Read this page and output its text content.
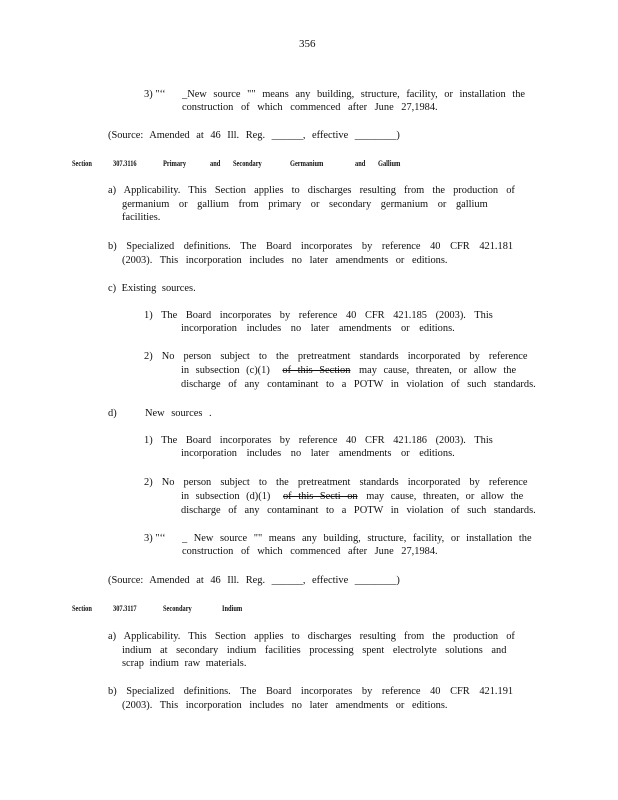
356
3) "‘‘ _New source "" means any building, structure, facility, or installation the
construction of which commenced after June 27,1984.
(Source: Amended at 46 Ill. Reg. ______, effective ________)
Section	307.3116	Primary	and Secondary	Germanium	and Gallium
a) Applicability. This Section applies to discharges resulting from the production of
germanium or gallium from primary or secondary germanium or gallium
facilities.
b) Specialized definitions. The Board incorporates by reference 40 CFR 421.181
(2003). This incorporation includes no later amendments or editions.
c) Existing sources.
1) The Board incorporates by reference 40 CFR 421.185 (2003). This
incorporation includes no later amendments or editions.
2) No person subject to the pretreatment standards incorporated by reference
in subsection (c)(1) of this Section may cause, threaten, or allow the
discharge of any contaminant to a POTW in violation of such standards.
d)	New sources .
1) The Board incorporates by reference 40 CFR 421.186 (2003). This
incorporation includes no later amendments or editions.
2) No person subject to the pretreatment standards incorporated by reference
in subsection (d)(1) of this Secti on may cause, threaten, or allow the
discharge of any contaminant to a POTW in violation of such standards.
3) "‘‘ _ New source "" means any building, structure, facility, or installation the
construction of which commenced after June 27,1984.
(Source: Amended at 46 Ill. Reg. ______, effective ________)
Section	307.3117	Secondary	Indium
a) Applicability. This Section applies to discharges resulting from the production of
indium at secondary indium facilities processing spent electrolyte solutions and
scrap indium raw materials.
b) Specialized definitions. The Board incorporates by reference 40 CFR 421.191
(2003). This incorporation includes no later amendments or editions.
